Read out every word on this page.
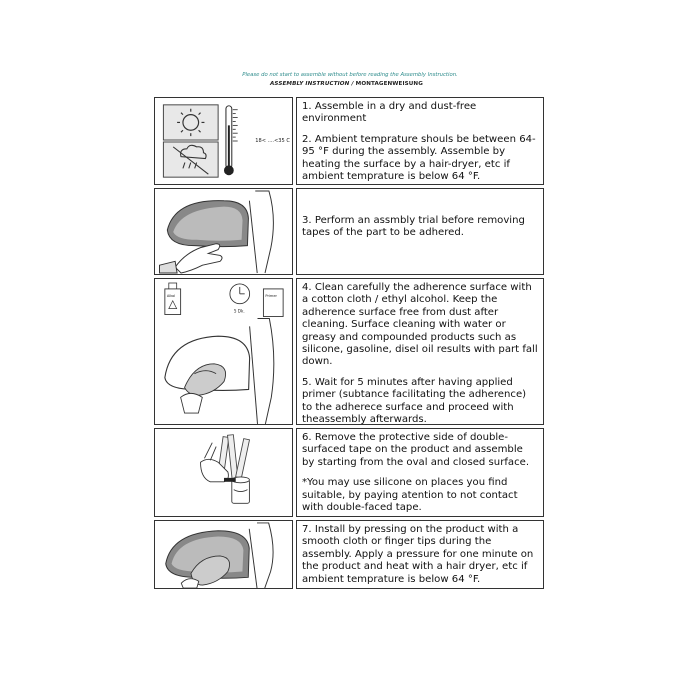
Please do not start to assemble without before reading the Assembly Instruction.
ASSEMBLY INSTRUCTION / MONTAGENWEISUNG
18< ....<35 C

1. Assemble in a dry and dust-free environment

2. Ambient temprature shouls be between 64-95 °F during the assembly. Assemble by heating the surface by a hair-dryer, etc if ambient temprature is below 64 °F.

3. Perform an assmbly trial before removing tapes of the part to be adhered.

Alkol
5 Dk.
Primer

4. Clean carefully the adherence surface with a cotton cloth / ethyl alcohol. Keep the adherence surface free from dust after cleaning. Surface cleaning with water or greasy and compounded products such as silicone, gasoline, disel oil results with part fall down.

5. Wait for 5 minutes after having applied primer (subtance facilitating the adherence) to the adherece surface and proceed with theassembly afterwards.

6. Remove the protective side of double-surfaced tape on the product and assemble by starting from the oval and closed surface.

*You may use silicone on places you find suitable, by paying atention to not contact with double-faced tape.

7. Install by pressing on the product with a smooth cloth or finger tips during the assembly. Apply a pressure for one minute on the product and heat with a hair dryer, etc if ambient temprature is below 64 °F.
